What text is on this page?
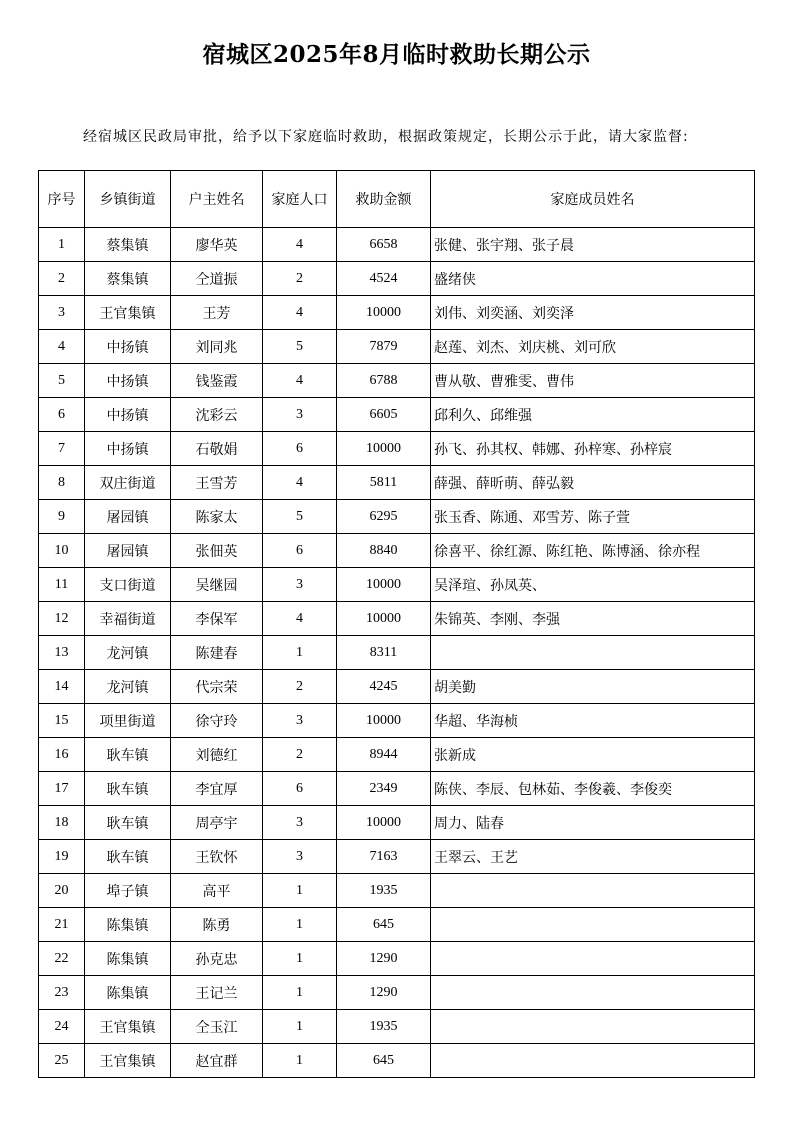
宿城区2025年8月临时救助长期公示
经宿城区民政局审批，给予以下家庭临时救助，根据政策规定，长期公示于此，请大家监督:
序号	乡镇街道	户主姓名	家庭人口	救助金额	家庭成员姓名
1	蔡集镇	廖华英	4	6658	张健、张宇翔、张子晨
2	蔡集镇	仝道振	2	4524	盛绪侠
3	王官集镇	王芳	4	10000	刘伟、刘奕涵、刘奕泽
4	中扬镇	刘同兆	5	7879	赵莲、刘杰、刘庆桃、刘可欣
5	中扬镇	钱鉴霞	4	6788	曹从敬、曹雅雯、曹伟
6	中扬镇	沈彩云	3	6605	邱利久、邱维强
7	中扬镇	石敬娟	6	10000	孙飞、孙其权、韩娜、孙梓寒、孙梓宸
8	双庄街道	王雪芳	4	5811	薛强、薛昕萌、薛弘毅
9	屠园镇	陈家太	5	6295	张玉香、陈通、邓雪芳、陈子萱
10	屠园镇	张佃英	6	8840	徐喜平、徐红源、陈红艳、陈博涵、徐亦程
11	支口街道	吴继园	3	10000	吴泽瑄、孙凤英、
12	幸福街道	李保军	4	10000	朱锦英、李刚、李强
13	龙河镇	陈建春	1	8311	
14	龙河镇	代宗荣	2	4245	胡美勤
15	项里街道	徐守玲	3	10000	华超、华海桢
16	耿车镇	刘德红	2	8944	张新成
17	耿车镇	李宜厚	6	2349	陈侠、李辰、包林茹、李俊羲、李俊奕
18	耿车镇	周亭宇	3	10000	周力、陆春
19	耿车镇	王钦怀	3	7163	王翠云、王艺
20	埠子镇	高平	1	1935	
21	陈集镇	陈勇	1	645	
22	陈集镇	孙克忠	1	1290	
23	陈集镇	王记兰	1	1290	
24	王官集镇	仝玉江	1	1935	
25	王官集镇	赵宜群	1	645	
